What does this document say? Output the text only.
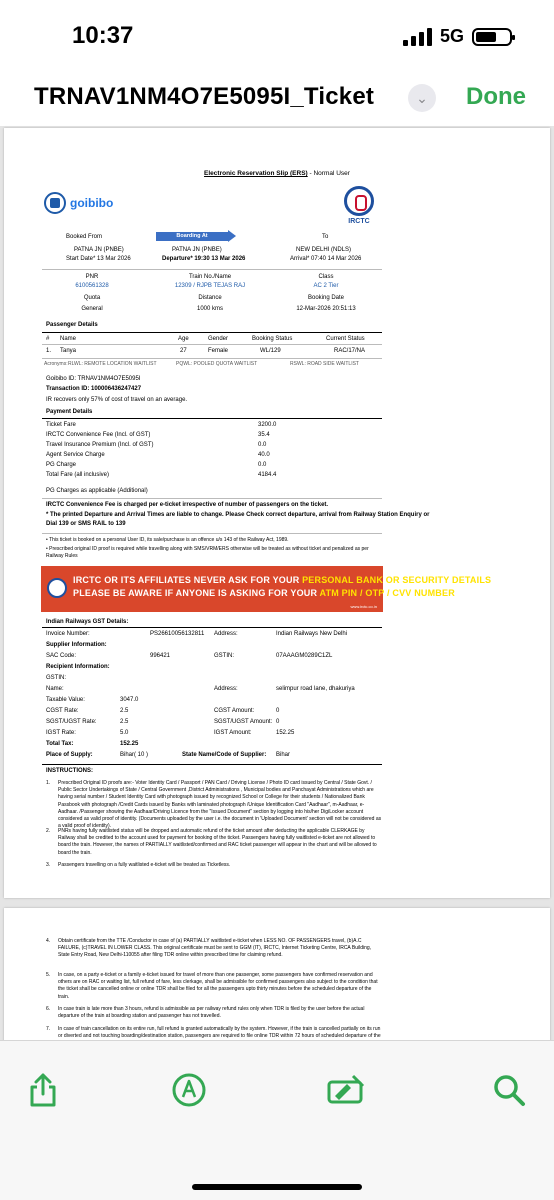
10:37	5G
TRNAV1NM4O7E5095I_Ticket	⌄	Done
Electronic Reservation Slip (ERS) - Normal User
goibibo
IRCTC
Booked From	Boarding At	To
PATNA JN (PNBE)	PATNA JN (PNBE)	NEW DELHI (NDLS)
Start Date* 13 Mar 2026	Departure* 19:30 13 Mar 2026	Arrival* 07:40 14 Mar 2026
PNR	Train No./Name	Class
6100561328	12309 / RJPB TEJAS RAJ	AC 2 Tier
Quota	Distance	Booking Date
General	1000 kms	12-Mar-2026 20:51:13
Passenger Details
# Name	Age	Gender	Booking Status	Current Status
1. Tanya	27	Female	WL/129	RAC/17/NA
Acronyms: RLWL: REMOTE LOCATION WAITLIST	PQWL: POOLED QUOTA WAITLIST	RSWL: ROAD SIDE WAITLIST
Goibibo ID: TRNAV1NM4O7E5095I
Transaction ID: 100006436247427
IR recovers only 57% of cost of travel on an average.
Payment Details
Ticket Fare	3200.0
IRCTC Convenience Fee (Incl. of GST)	35.4
Travel Insurance Premium (Incl. of GST)	0.0
Agent Service Charge	40.0
PG Charge	0.0
Total Fare (all inclusive)	4184.4
PG Charges as applicable (Additional)
IRCTC Convenience Fee is charged per e-ticket irrespective of number of passengers on the ticket.
* The printed Departure and Arrival Times are liable to change. Please Check correct departure, arrival from Railway Station Enquiry or
Dial 139 or SMS RAIL to 139
• This ticket is booked on a personal User ID, its sale/purchase is an offence u/s 143 of the Railway Act, 1989.
• Prescribed original ID proof is required while travelling along with SMS/VRM/ERS otherwise will be treated as without ticket and penalized as per Railway Rules
IRCTC OR ITS AFFILIATES NEVER ASK FOR YOUR PERSONAL BANK OR SECURITY DETAILS
PLEASE BE AWARE IF ANYONE IS ASKING FOR YOUR ATM PIN / OTP / CVV NUMBER
www.irctc.co.in
Indian Railways GST Details:
Invoice Number:	PS26610056132811 Address:	Indian Railways New Delhi
Supplier Information:
SAC Code:	996421	GSTIN:	07AAAGM0289C1ZL
Recipient Information:
GSTIN:
Name:	Address:	selimpur road lane, dhakuriya
Taxable Value:	3047.0
CGST Rate:	2.5	CGST Amount:	0
SGST/UGST Rate:	2.5	SGST/UGST Amount: 0
IGST Rate:	5.0	IGST Amount:	152.25
Total Tax:	152.25
Place of Supply:	Bihar( 10 )	State Name/Code of Supplier: Bihar
INSTRUCTIONS:
1. Prescribed Original ID proofs are:- Voter Identity Card / Passport / PAN Card / Driving License / Photo ID card issued by Central / State Govt. / Public Sector Undertakings of State / Central Government ,District Administrations , Municipal bodies and Panchayat Administrations which are having serial number / Student Identity Card with photograph issued by recognized School or College for their students / Nationalized Bank Passbook with photograph /Credit Cards issued by Banks with laminated photograph /Unique Identification Card "Aadhaar", m-Aadhaar, e-Aadhaar. /Passenger showing the Aadhaar/Driving Licence from the "Issued Document" section by logging into his/her DigiLocker account considered as valid proof of identity. (Documents uploaded by the user i.e. the document in 'Uploaded Document' section will not be considered as a valid proof of identity).
2. PNRs having fully waitlisted status will be dropped and automatic refund of the ticket amount after deducting the applicable CLERKAGE by Railway shall be credited to the account used for payment for booking of the ticket. Passengers having fully waitlisted e-ticket are not allowed to board the train. However, the names of PARTIALLY waitlisted/confirmed and RAC ticket passenger will appear in the chart and will be allowed to board the train.
3. Passengers travelling on a fully waitlisted e-ticket will be treated as Ticketless.
4. Obtain certificate from the TTE /Conductor in case of (a) PARTIALLY waitlisted e-ticket when LESS NO. OF PASSENGERS travel, (b)A.C FAILURE, (c)TRAVEL IN LOWER CLASS. This original certificate must be sent to GGM (IT), IRCTC, Internet Ticketing Centre, IRCA Building, State Entry Road, New Delhi-110055 after filing TDR online within prescribed time for claiming refund.
5. In case, on a party e-ticket or a family e-ticket issued for travel of more than one passenger, some passengers have confirmed reservation and others are on RAC or waiting list, full refund of fare, less clerkage, shall be admissible for confirmed passengers also subject to the condition that the ticket shall be cancelled online or online TDR shall be filed for all the passengers upto thirty minutes before the scheduled departure of the train.
6. In case train is late more than 3 hours, refund is admissible as per railway refund rules only when TDR is filed by the user before the actual departure of the train at boarding station and passenger has not travelled.
7. In case of train cancellation on its entire run, full refund is granted automatically by the system. However, if the train is cancelled partially on its run or diverted and not touching boarding/destination station, passengers are required to file online TDR within 72 hours of scheduled departure of the
